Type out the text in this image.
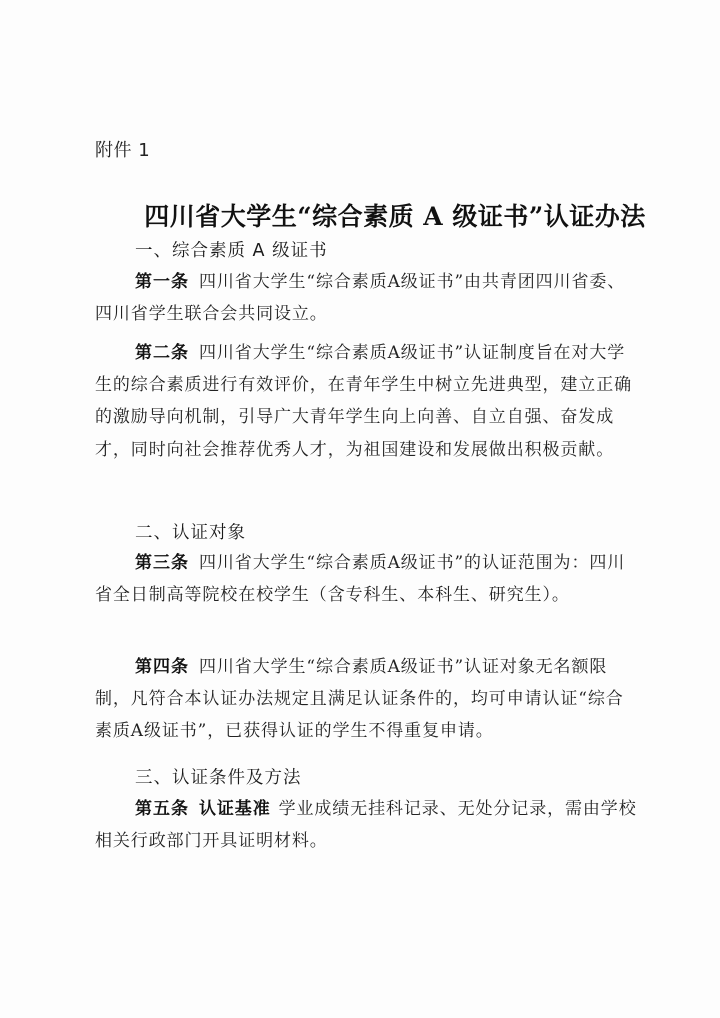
附件 1
四川省大学生“综合素质 A 级证书”认证办法
一、综合素质 A 级证书

第一条 四川省大学生“综合素质A级证书”由共青团四川省委、四川省学生联合会共同设立。

第二条 四川省大学生“综合素质A级证书”认证制度旨在对大学生的综合素质进行有效评价，在青年学生中树立先进典型，建立正确的激励导向机制，引导广大青年学生向上向善、自立自强、奋发成才，同时向社会推荐优秀人才，为祖国建设和发展做出积极贡献。

二、认证对象

第三条 四川省大学生“综合素质A级证书”的认证范围为：四川省全日制高等院校在校学生（含专科生、本科生、研究生）。

第四条 四川省大学生“综合素质A级证书”认证对象无名额限制，凡符合本认证办法规定且满足认证条件的，均可申请认证“综合素质A级证书”，已获得认证的学生不得重复申请。

三、认证条件及方法

第五条 认证基准 学业成绩无挂科记录、无处分记录，需由学校相关行政部门开具证明材料。
